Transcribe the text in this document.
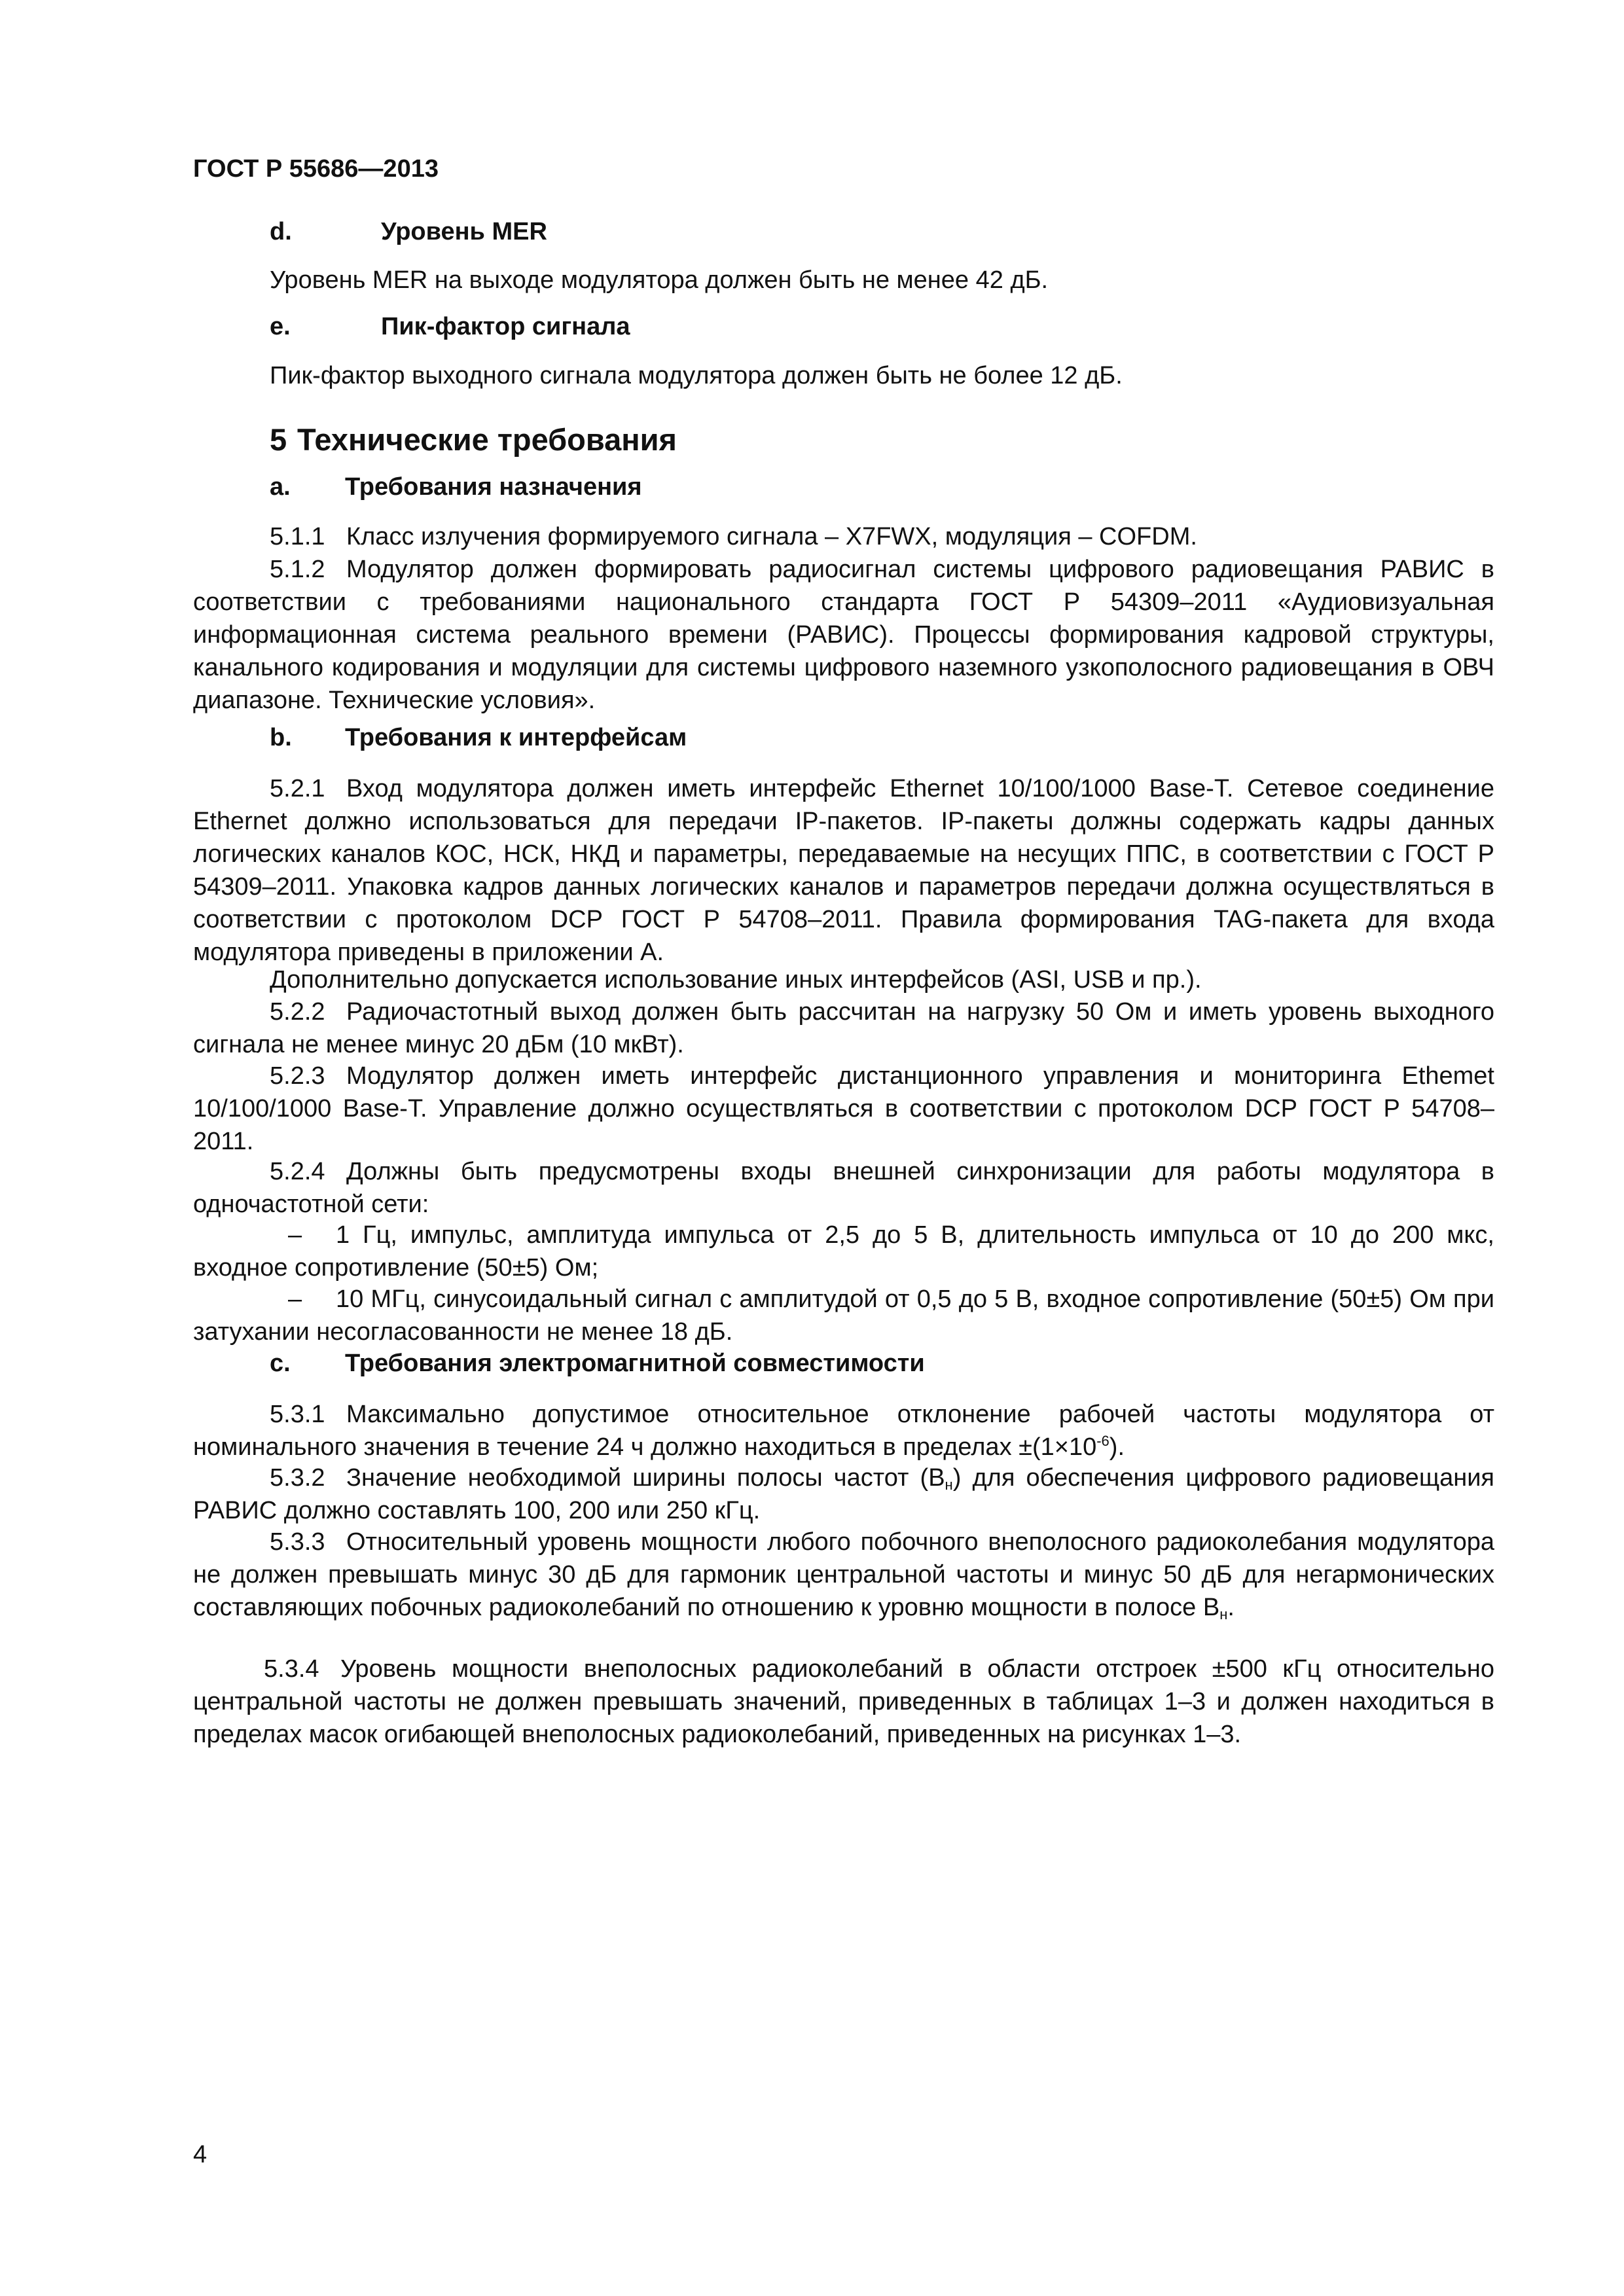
ГОСТ Р 55686—2013
d.	Уровень MER
Уровень MER на выходе модулятора должен быть не менее 42 дБ.
e.	Пик-фактор сигнала
Пик-фактор выходного сигнала модулятора должен быть не более 12 дБ.
5 Технические требования
a. Требования назначения
5.1.1 Класс излучения формируемого сигнала – X7FWX, модуляция – COFDM.
5.1.2 Модулятор должен формировать радиосигнал системы цифрового радиовещания РАВИС в соответствии с требованиями национального стандарта ГОСТ Р 54309–2011 «Аудиовизуальная информационная система реального времени (РАВИС). Процессы формирования кадровой структуры, канального кодирования и модуляции для системы цифрового наземного узкополосного радиовещания в ОВЧ диапазоне. Технические условия».
b. Требования к интерфейсам
5.2.1 Вход модулятора должен иметь интерфейс Ethernet 10/100/1000 Base-T. Сетевое соединение Ethernet должно использоваться для передачи IP-пакетов. IP-пакеты должны содержать кадры данных логических каналов КОС, НСК, НКД и параметры, передаваемые на несущих ППС, в соответствии с ГОСТ Р 54309–2011. Упаковка кадров данных логических каналов и параметров передачи должна осуществляться в соответствии с протоколом DCP ГОСТ Р 54708–2011. Правила формирования TAG-пакета для входа модулятора приведены в приложении А.
Дополнительно допускается использование иных интерфейсов (ASI, USB и пр.).
5.2.2 Радиочастотный выход должен быть рассчитан на нагрузку 50 Ом и иметь уровень выходного сигнала не менее минус 20 дБм (10 мкВт).
5.2.3 Модулятор должен иметь интерфейс дистанционного управления и мониторинга Ethemet 10/100/1000 Base-T. Управление должно осуществляться в соответствии с протоколом DCP ГОСТ Р 54708–2011.
5.2.4 Должны быть предусмотрены входы внешней синхронизации для работы модулятора в одночастотной сети:
– 1 Гц, импульс, амплитуда импульса от 2,5 до 5 В, длительность импульса от 10 до 200 мкс, входное сопротивление (50±5) Ом;
– 10 МГц, синусоидальный сигнал с амплитудой от 0,5 до 5 В, входное сопротивление (50±5) Ом при затухании несогласованности не менее 18 дБ.
c. Требования электромагнитной совместимости
5.3.1 Максимально допустимое относительное отклонение рабочей частоты модулятора от номинального значения в течение 24 ч должно находиться в пределах $\pm(1\times 10^{-6})$.
5.3.2 Значение необходимой ширины полосы частот $(В_н)$ для обеспечения цифрового радиовещания РАВИС должно составлять 100, 200 или 250 кГц.
5.3.3 Относительный уровень мощности любого побочного внеполосного радиоколебания модулятора не должен превышать минус 30 дБ для гармоник центральной частоты и минус 50 дБ для негармонических составляющих побочных радиоколебаний по отношению к уровню мощности в полосе $В_н$.
5.3.4 Уровень мощности внеполосных радиоколебаний в области отстроек ±500 кГц относительно центральной частоты не должен превышать значений, приведенных в таблицах 1–3 и должен находиться в пределах масок огибающей внеполосных радиоколебаний, приведенных на рисунках 1–3.
4
